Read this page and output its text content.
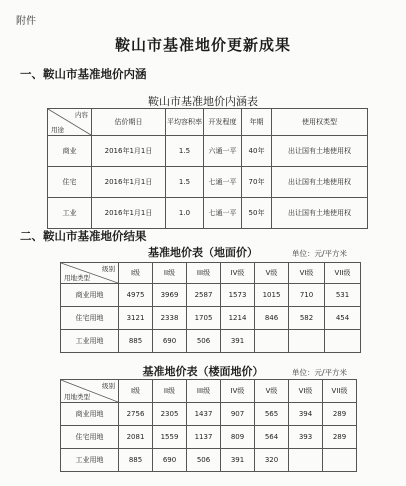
附件
鞍山市基准地价更新成果
一、鞍山市基准地价内涵
鞍山市基准地价内涵表
内容
用途	估价期日	平均容积率	开发程度	年期	使用权类型
商业	2016年1月1日	1.5	六通一平	40年	出让国有土地使用权
住宅	2016年1月1日	1.5	七通一平	70年	出让国有土地使用权
工业	2016年1月1日	1.0	七通一平	50年	出让国有土地使用权
二、鞍山市基准地价结果
基准地价表（地面价）	单位：元/平方米
级别
用地类型	I级	II级	III级	IV级	V级	VI级	VII级
商业用地	4975	3969	2587	1573	1015	710	531
住宅用地	3121	2338	1705	1214	846	582	454
工业用地	885	690	506	391			
基准地价表（楼面地价）	单位：元/平方米
级别
用地类型	I级	II级	III级	IV级	V级	VI级	VII级
商业用地	2756	2305	1437	907	565	394	289
住宅用地	2081	1559	1137	809	564	393	289
工业用地	885	690	506	391	320		
